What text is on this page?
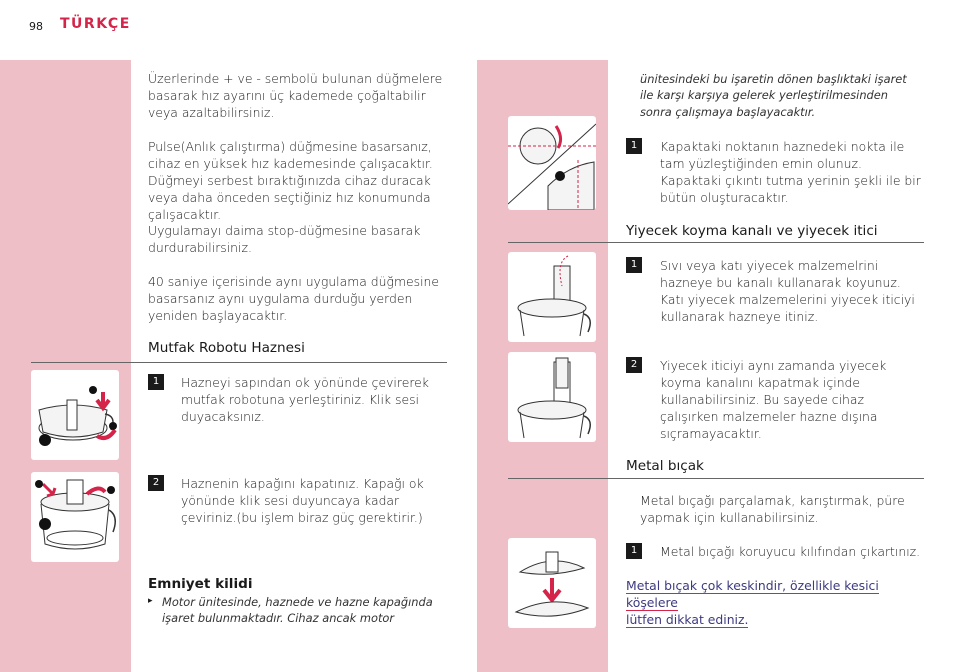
98 TÜRKÇE
Üzerlerinde + ve - sembolü bulunan düğmelere basarak hız ayarını üç kademede çoğaltabilir veya azaltabilirsiniz.
Pulse(Anlık çalıştırma) düğmesine basarsanız, cihaz en yüksek hız kademesinde çalışacaktır. Düğmeyi serbest bıraktığınızda cihaz duracak veya daha önceden seçtiğiniz hız konumunda çalışacaktır.
Uygulamayı daima stop-düğmesine basarak durdurabilirsiniz.
40 saniye içerisinde aynı uygulama düğmesine basarsanız aynı uygulama durduğu yerden yeniden başlayacaktır.
Mutfak Robotu Haznesi
1	Hazneyi sapından ok yönünde çevirerek mutfak robotuna yerleştiriniz. Klik sesi duyacaksınız.
2	Haznenin kapağını kapatınız. Kapağı ok yönünde klik sesi duyuncaya kadar çeviriniz.(bu işlem biraz güç gerektirir.)
Emniyet kilidi
▸ Motor ünitesinde, haznede ve hazne kapağında işaret bulunmaktadır. Cihaz ancak motor
ünitesindeki bu işaretin dönen başlıktaki işaret ile karşı karşıya gelerek yerleştirilmesinden sonra çalışmaya başlayacaktır.
1	Kapaktaki noktanın haznedeki nokta ile tam yüzleştiğinden emin olunuz. Kapaktaki çıkıntı tutma yerinin şekli ile bir bütün oluşturacaktır.
Yiyecek koyma kanalı ve yiyecek itici
1	Sıvı veya katı yiyecek malzemelrini hazneye bu kanalı kullanarak koyunuz. Katı yiyecek malzemelerini yiyecek iticiyi kullanarak hazneye itiniz.
2	Yiyecek iticiyi aynı zamanda yiyecek koyma kanalını kapatmak içinde kullanabilirsiniz. Bu sayede cihaz çalışırken malzemeler hazne dışına sıçramayacaktır.
Metal bıçak
Metal bıçağı parçalamak, karıştırmak, püre yapmak için kullanabilirsiniz.
1	Metal bıçağı koruyucu kılıfından çıkartınız.
Metal bıçak çok keskindir, özellikle kesici köşelere
lütfen dikkat ediniz.
